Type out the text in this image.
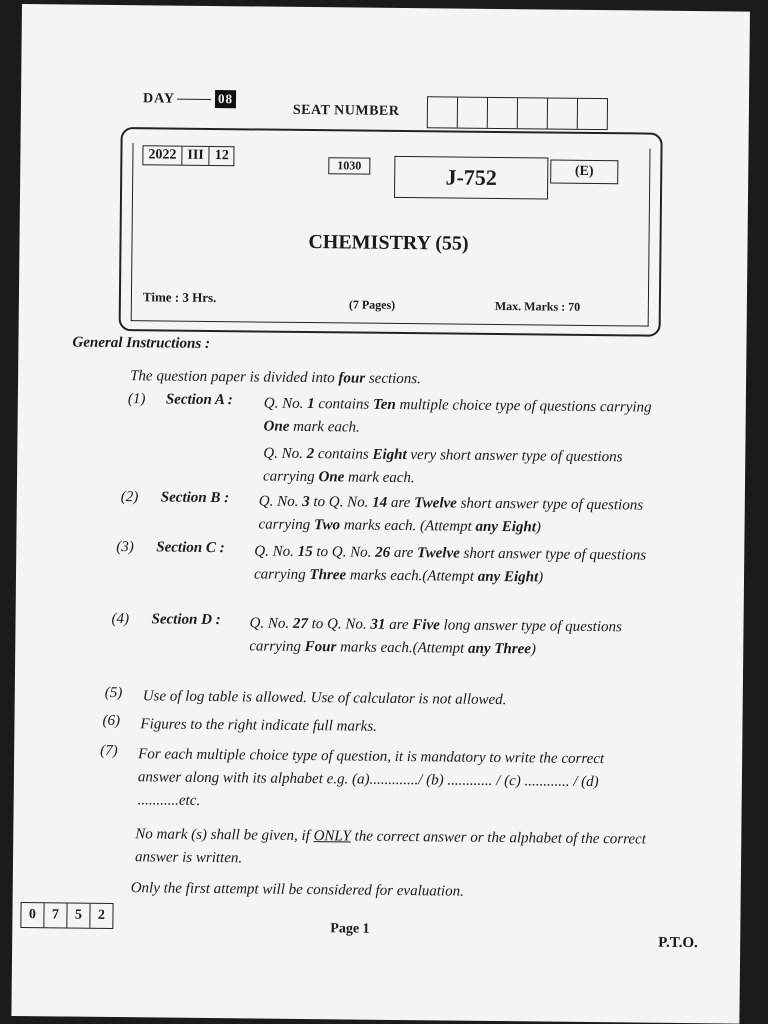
DAY	08
SEAT NUMBER
2022 III 12
1030	J-752	(E)
CHEMISTRY (55)
Time : 3 Hrs.	(7 Pages)	Max. Marks : 70
General Instructions :
The question paper is divided into four sections.
(1) Section A : Q. No. 1 contains Ten multiple choice type of questions carrying One mark each.
Q. No. 2 contains Eight very short answer type of questions carrying One mark each.
(2) Section B : Q. No. 3 to Q. No. 14 are Twelve short answer type of questions carrying Two marks each. (Attempt any Eight)
(3) Section C : Q. No. 15 to Q. No. 26 are Twelve short answer type of questions carrying Three marks each.(Attempt any Eight)
(4) Section D : Q. No. 27 to Q. No. 31 are Five long answer type of questions carrying Four marks each.(Attempt any Three)
(5) Use of log table is allowed. Use of calculator is not allowed.
(6) Figures to the right indicate full marks.
(7) For each multiple choice type of question, it is mandatory to write the correct answer along with its alphabet e.g. (a)............./ (b) ............ / (c) ............ / (d) ...........etc.
No mark (s) shall be given, if ONLY the correct answer or the alphabet of the correct answer is written.
Only the first attempt will be considered for evaluation.
0	7	5	2
Page 1
P.T.O.
